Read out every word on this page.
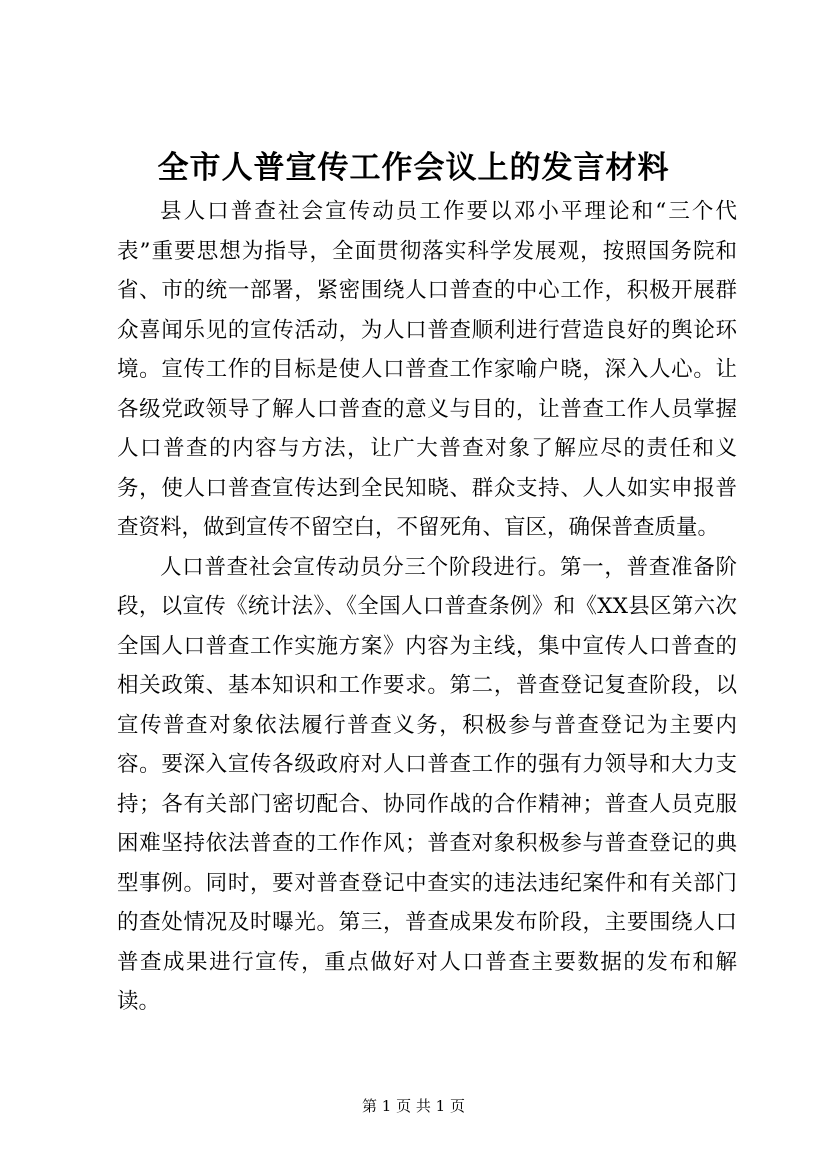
全市人普宣传工作会议上的发言材料

县人口普查社会宣传动员工作要以邓小平理论和“三个代表”重要思想为指导，全面贯彻落实科学发展观，按照国务院和省、市的统一部署，紧密围绕人口普查的中心工作，积极开展群众喜闻乐见的宣传活动，为人口普查顺利进行营造良好的舆论环境。宣传工作的目标是使人口普查工作家喻户晓，深入人心。让各级党政领导了解人口普查的意义与目的，让普查工作人员掌握人口普查的内容与方法，让广大普查对象了解应尽的责任和义务，使人口普查宣传达到全民知晓、群众支持、人人如实申报普查资料，做到宣传不留空白，不留死角、盲区，确保普查质量。

人口普查社会宣传动员分三个阶段进行。第一，普查准备阶段，以宣传《统计法》、《全国人口普查条例》和《XX县区第六次全国人口普查工作实施方案》内容为主线，集中宣传人口普查的相关政策、基本知识和工作要求。第二，普查登记复查阶段，以宣传普查对象依法履行普查义务，积极参与普查登记为主要内容。要深入宣传各级政府对人口普查工作的强有力领导和大力支持；各有关部门密切配合、协同作战的合作精神；普查人员克服困难坚持依法普查的工作作风；普查对象积极参与普查登记的典型事例。同时，要对普查登记中查实的违法违纪案件和有关部门的查处情况及时曝光。第三，普查成果发布阶段，主要围绕人口普查成果进行宣传，重点做好对人口普查主要数据的发布和解读。

第 1 页 共 1 页
